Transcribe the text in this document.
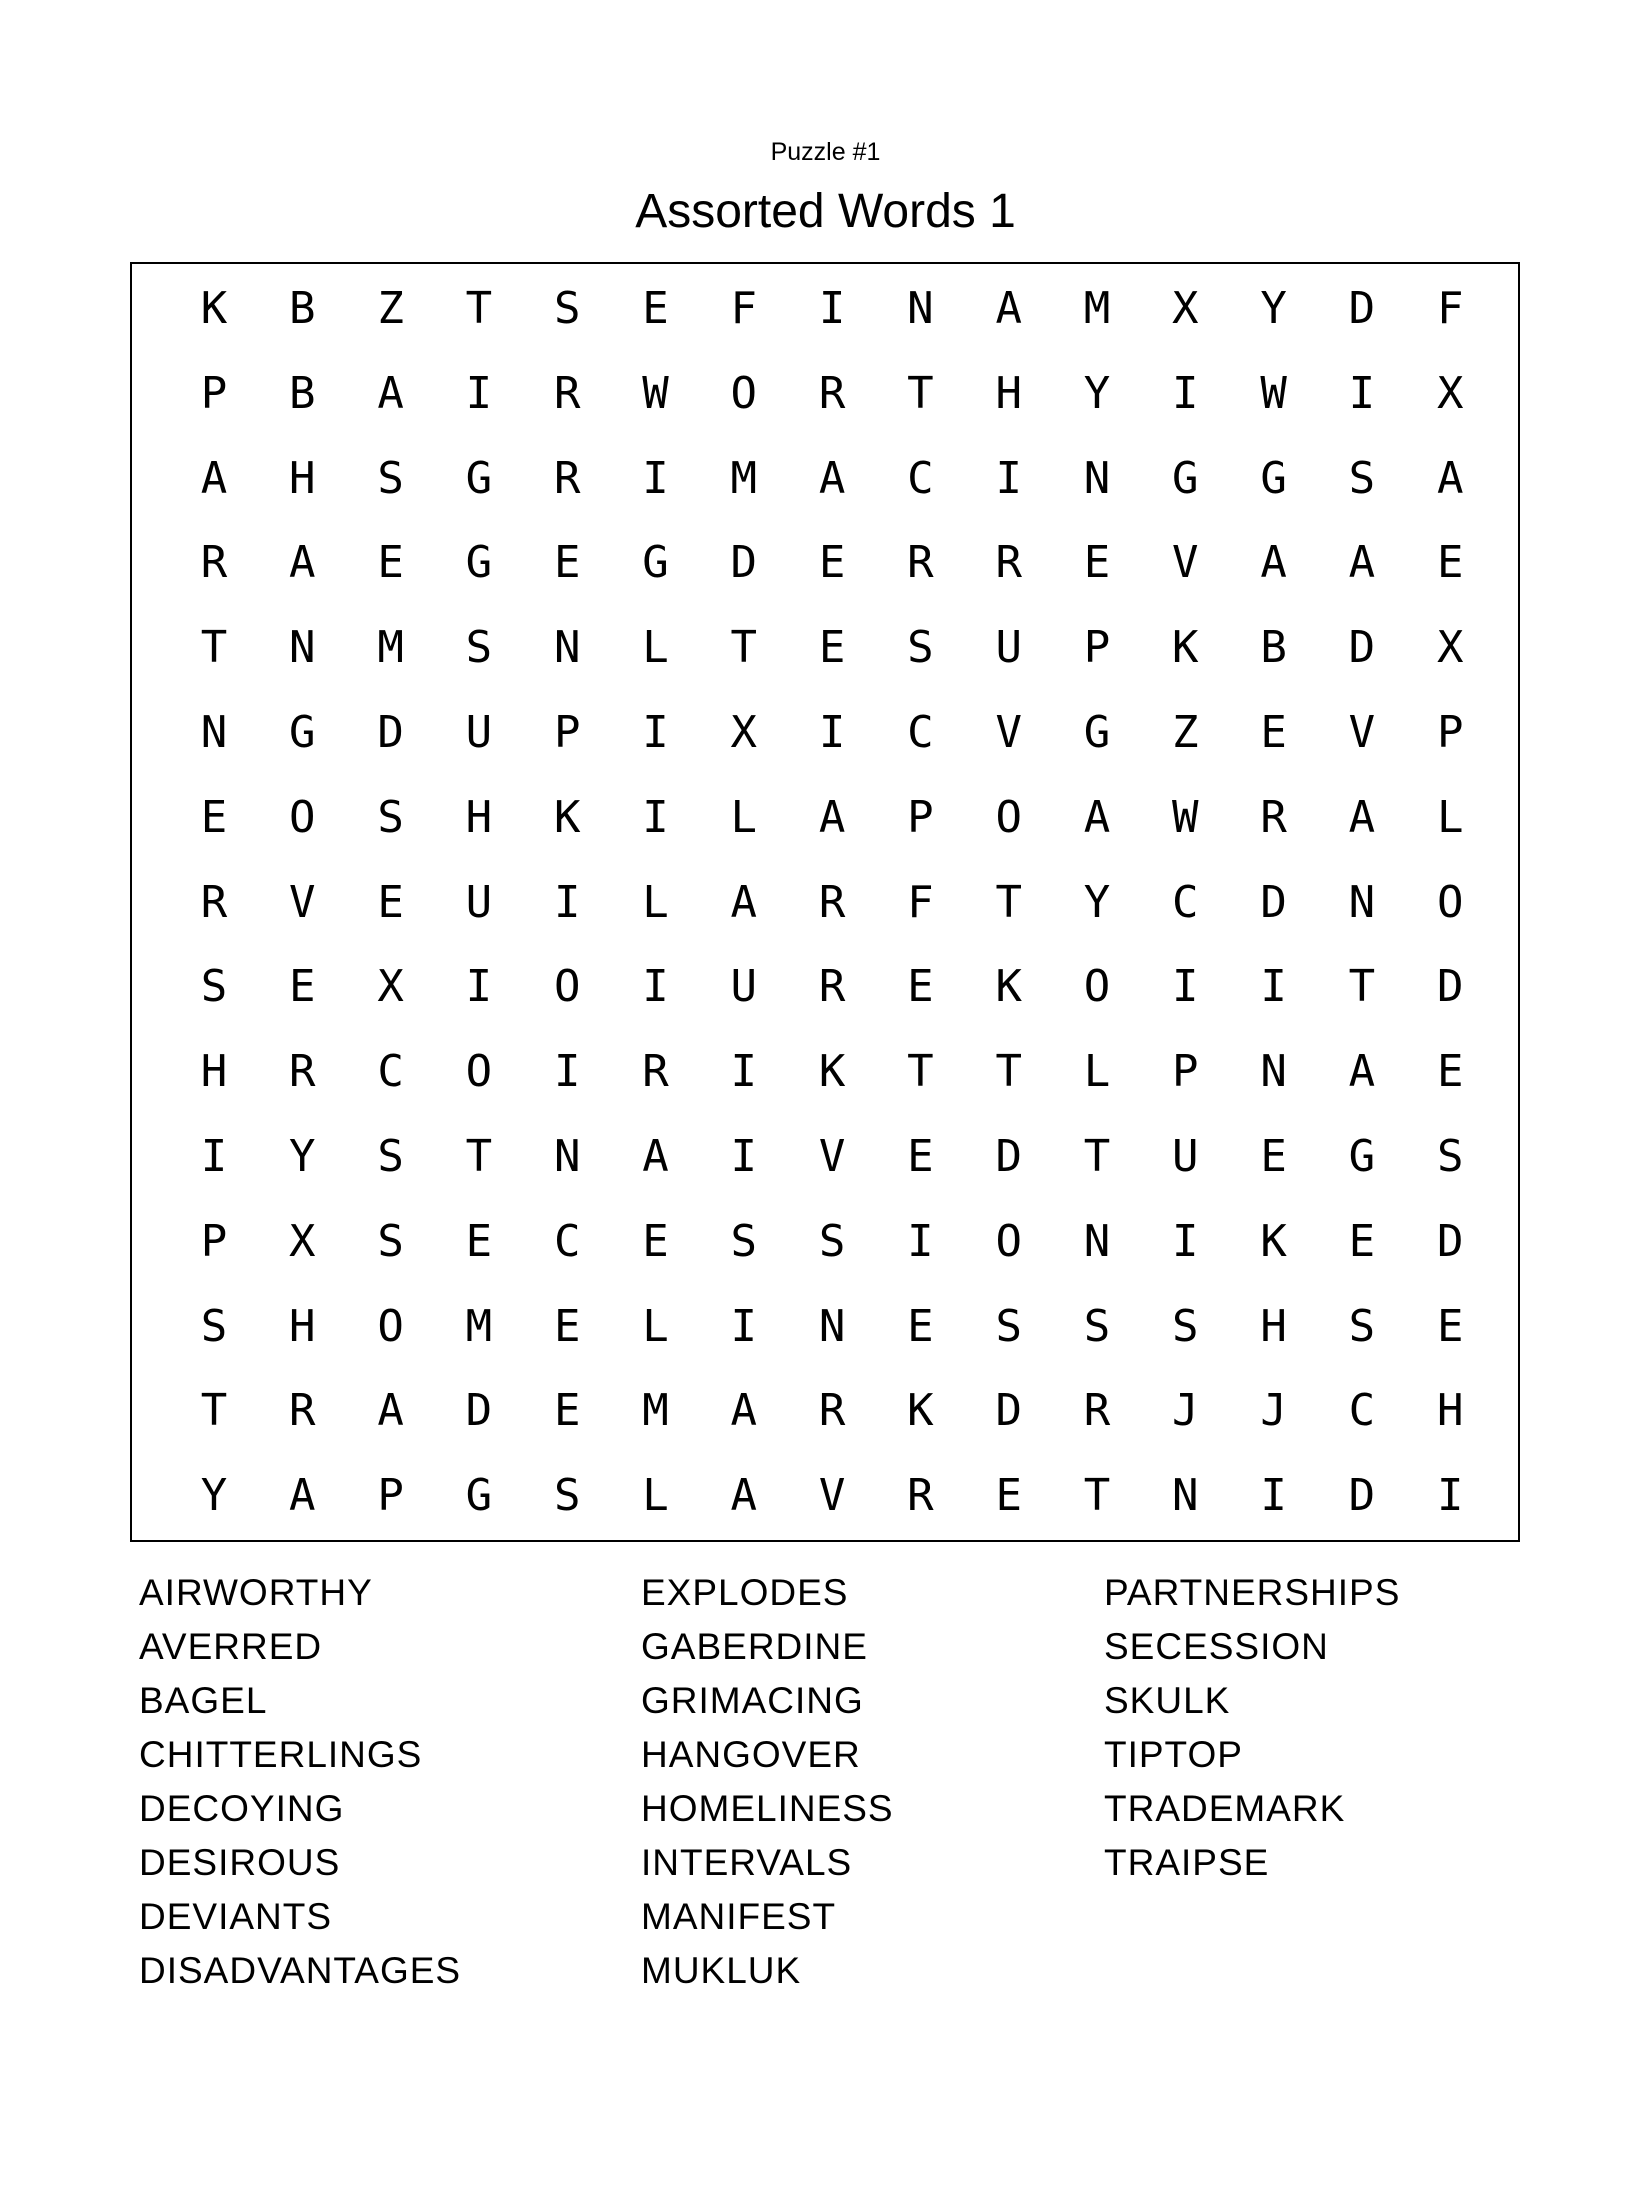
Puzzle #1
Assorted Words 1
K	B	Z	T	S	E	F	I	N	A	M	X	Y	D	F
P	B	A	I	R	W	O	R	T	H	Y	I	W	I	X
A	H	S	G	R	I	M	A	C	I	N	G	G	S	A
R	A	E	G	E	G	D	E	R	R	E	V	A	A	E
T	N	M	S	N	L	T	E	S	U	P	K	B	D	X
N	G	D	U	P	I	X	I	C	V	G	Z	E	V	P
E	O	S	H	K	I	L	A	P	O	A	W	R	A	L
R	V	E	U	I	L	A	R	F	T	Y	C	D	N	O
S	E	X	I	O	I	U	R	E	K	O	I	I	T	D
H	R	C	O	I	R	I	K	T	T	L	P	N	A	E
I	Y	S	T	N	A	I	V	E	D	T	U	E	G	S
P	X	S	E	C	E	S	S	I	O	N	I	K	E	D
S	H	O	M	E	L	I	N	E	S	S	S	H	S	E
T	R	A	D	E	M	A	R	K	D	R	J	J	C	H
Y	A	P	G	S	L	A	V	R	E	T	N	I	D	I
AIRWORTHY
AVERRED
BAGEL
CHITTERLINGS
DECOYING
DESIROUS
DEVIANTS
DISADVANTAGES
EXPLODES
GABERDINE
GRIMACING
HANGOVER
HOMELINESS
INTERVALS
MANIFEST
MUKLUK
PARTNERSHIPS
SECESSION
SKULK
TIPTOP
TRADEMARK
TRAIPSE
